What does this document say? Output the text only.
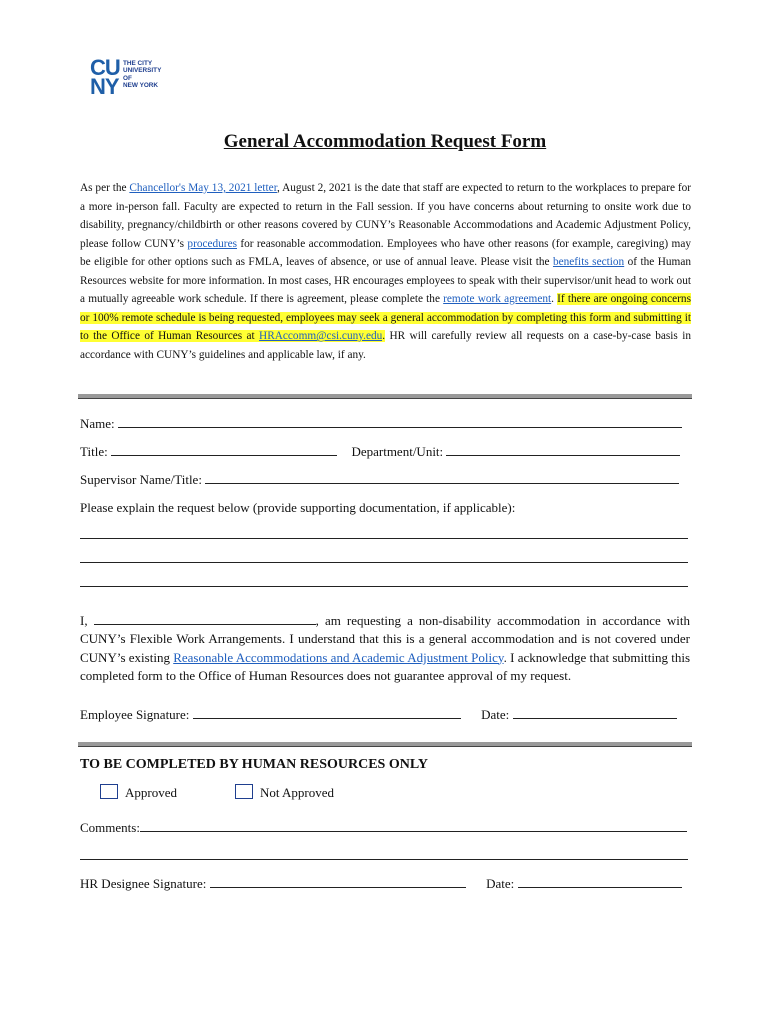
CU
NY
THE CITY
UNIVERSITY
OF
NEW YORK
General Accommodation Request Form
As per the Chancellor's May 13, 2021 letter, August 2, 2021 is the date that staff are expected to return to the workplaces to prepare for a more in-person fall. Faculty are expected to return in the Fall session. If you have concerns about returning to onsite work due to disability, pregnancy/childbirth or other reasons covered by CUNY’s Reasonable Accommodations and Academic Adjustment Policy, please follow CUNY’s procedures for reasonable accommodation. Employees who have other reasons (for example, caregiving) may be eligible for other options such as FMLA, leaves of absence, or use of annual leave. Please visit the benefits section of the Human Resources website for more information. In most cases, HR encourages employees to speak with their supervisor/unit head to work out a mutually agreeable work schedule. If there is agreement, please complete the remote work agreement. If there are ongoing concerns or 100% remote schedule is being requested, employees may seek a general accommodation by completing this form and submitting it to the Office of Human Resources at HRAccomm@csi.cuny.edu. HR will carefully review all requests on a case-by-case basis in accordance with CUNY’s guidelines and applicable law, if any.
Name:
Title:	Department/Unit:
Supervisor Name/Title:
Please explain the request below (provide supporting documentation, if applicable):
I,	, am requesting a non-disability accommodation in accordance with CUNY’s Flexible Work Arrangements. I understand that this is a general accommodation and is not covered under CUNY’s existing Reasonable Accommodations and Academic Adjustment Policy. I acknowledge that submitting this completed form to the Office of Human Resources does not guarantee approval of my request.
Employee Signature:	Date:
TO BE COMPLETED BY HUMAN RESOURCES ONLY
Approved	Not Approved
Comments:
HR Designee Signature:	Date:
